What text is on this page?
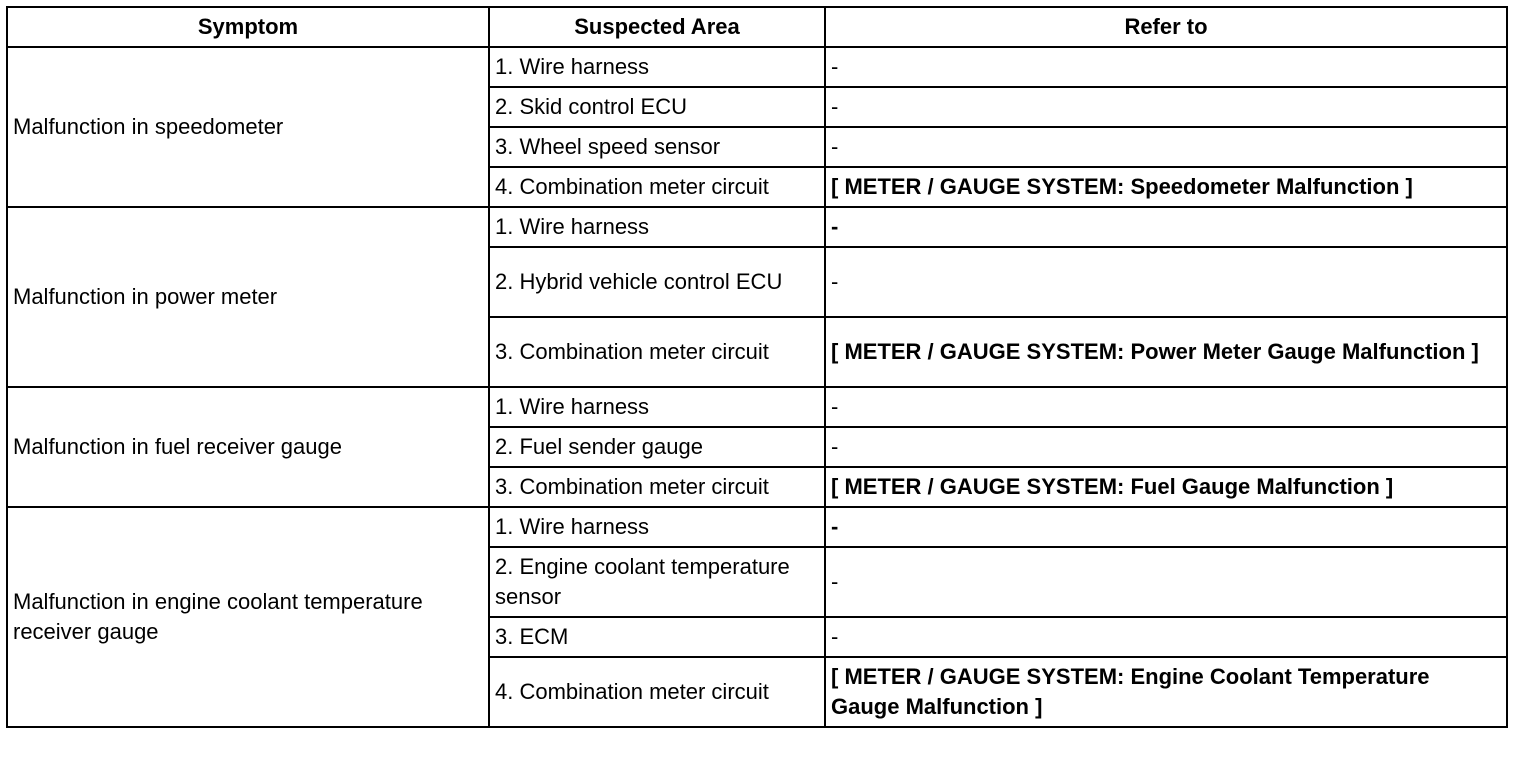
Symptom	Suspected Area	Refer to
Malfunction in speedometer	1. Wire harness	-
	2. Skid control ECU	-
	3. Wheel speed sensor	-
	4. Combination meter circuit	[ METER / GAUGE SYSTEM: Speedometer Malfunction ]
Malfunction in power meter	1. Wire harness	-
	2. Hybrid vehicle control ECU	-
	3. Combination meter circuit	[ METER / GAUGE SYSTEM: Power Meter Gauge Malfunction ]
Malfunction in fuel receiver gauge	1. Wire harness	-
	2. Fuel sender gauge	-
	3. Combination meter circuit	[ METER / GAUGE SYSTEM: Fuel Gauge Malfunction ]
Malfunction in engine coolant temperature receiver gauge	1. Wire harness	-
	2. Engine coolant temperature sensor	-
	3. ECM	-
	4. Combination meter circuit	[ METER / GAUGE SYSTEM: Engine Coolant Temperature Gauge Malfunction ]
